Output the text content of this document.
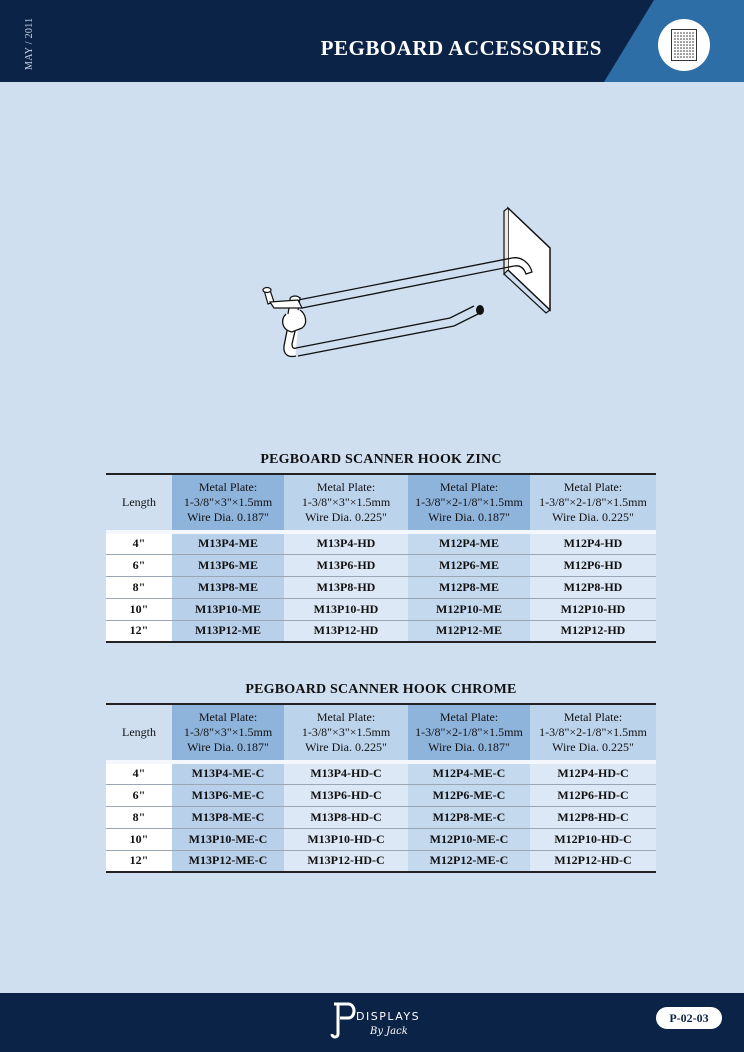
MAY / 2011	PEGBOARD ACCESSORIES
PEGBOARD SCANNER HOOK ZINC
Length	Metal Plate:
1-3/8"×3"×1.5mm
Wire Dia. 0.187"	Metal Plate:
1-3/8"×3"×1.5mm
Wire Dia. 0.225"	Metal Plate:
1-3/8"×2-1/8"×1.5mm
Wire Dia. 0.187"	Metal Plate:
1-3/8"×2-1/8"×1.5mm
Wire Dia. 0.225"
4"	M13P4-ME	M13P4-HD	M12P4-ME	M12P4-HD
6"	M13P6-ME	M13P6-HD	M12P6-ME	M12P6-HD
8"	M13P8-ME	M13P8-HD	M12P8-ME	M12P8-HD
10"	M13P10-ME	M13P10-HD	M12P10-ME	M12P10-HD
12"	M13P12-ME	M13P12-HD	M12P12-ME	M12P12-HD
PEGBOARD SCANNER HOOK CHROME
Length	Metal Plate:
1-3/8"×3"×1.5mm
Wire Dia. 0.187"	Metal Plate:
1-3/8"×3"×1.5mm
Wire Dia. 0.225"	Metal Plate:
1-3/8"×2-1/8"×1.5mm
Wire Dia. 0.187"	Metal Plate:
1-3/8"×2-1/8"×1.5mm
Wire Dia. 0.225"
4"	M13P4-ME-C	M13P4-HD-C	M12P4-ME-C	M12P4-HD-C
6"	M13P6-ME-C	M13P6-HD-C	M12P6-ME-C	M12P6-HD-C
8"	M13P8-ME-C	M13P8-HD-C	M12P8-ME-C	M12P8-HD-C
10"	M13P10-ME-C	M13P10-HD-C	M12P10-ME-C	M12P10-HD-C
12"	M13P12-ME-C	M13P12-HD-C	M12P12-ME-C	M12P12-HD-C
DISPLAYS
By Jack
P-02-03
